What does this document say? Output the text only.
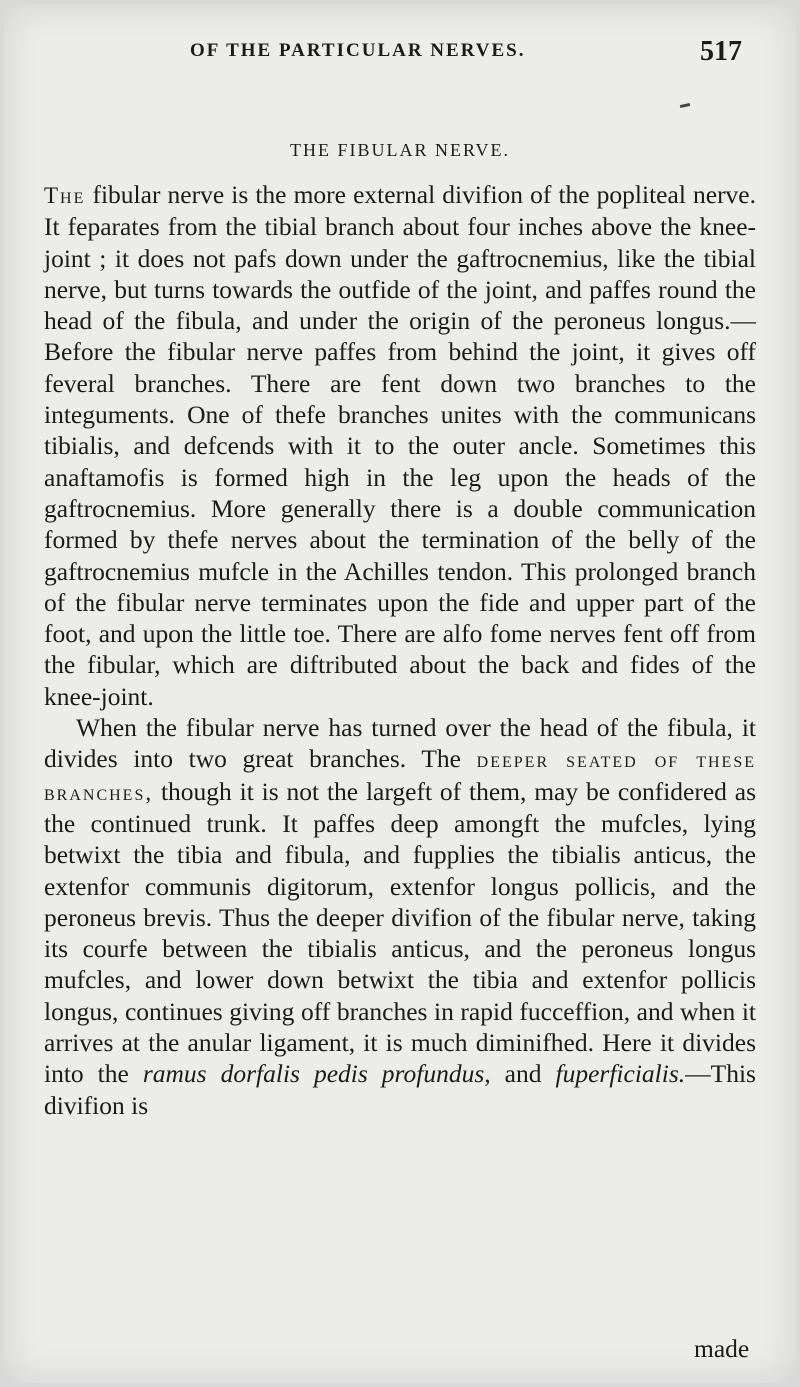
OF THE PARTICULAR NERVES.	517
THE FIBULAR NERVE.

The fibular nerve is the more external divifion of the popliteal nerve. It feparates from the tibial branch about four inches above the knee-joint ; it does not pafs down under the gaftrocnemius, like the tibial nerve, but turns towards the outfide of the joint, and paffes round the head of the fibula, and under the origin of the peroneus longus.—Before the fibular nerve paffes from behind the joint, it gives off feveral branches. There are fent down two branches to the integuments. One of thefe branches unites with the communicans tibialis, and defcends with it to the outer ancle. Sometimes this anaftamofis is formed high in the leg upon the heads of the gaftrocnemius. More generally there is a double communication formed by thefe nerves about the termination of the belly of the gaftrocnemius mufcle in the Achilles tendon. This prolonged branch of the fibular nerve terminates upon the fide and upper part of the foot, and upon the little toe. There are alfo fome nerves fent off from the fibular, which are diftributed about the back and fides of the knee-joint.

When the fibular nerve has turned over the head of the fibula, it divides into two great branches. The deeper seated of these branches, though it is not the largeft of them, may be confidered as the continued trunk. It paffes deep amongft the mufcles, lying betwixt the tibia and fibula, and fupplies the tibialis anticus, the extenfor communis digitorum, extenfor longus pollicis, and the peroneus brevis. Thus the deeper divifion of the fibular nerve, taking its courfe between the tibialis anticus, and the peroneus longus mufcles, and lower down betwixt the tibia and extenfor pollicis longus, continues giving off branches in rapid fucceffion, and when it arrives at the anular ligament, it is much diminifhed. Here it divides into the ramus dorfalis pedis profundus, and fuperficialis.—This divifion is

made
